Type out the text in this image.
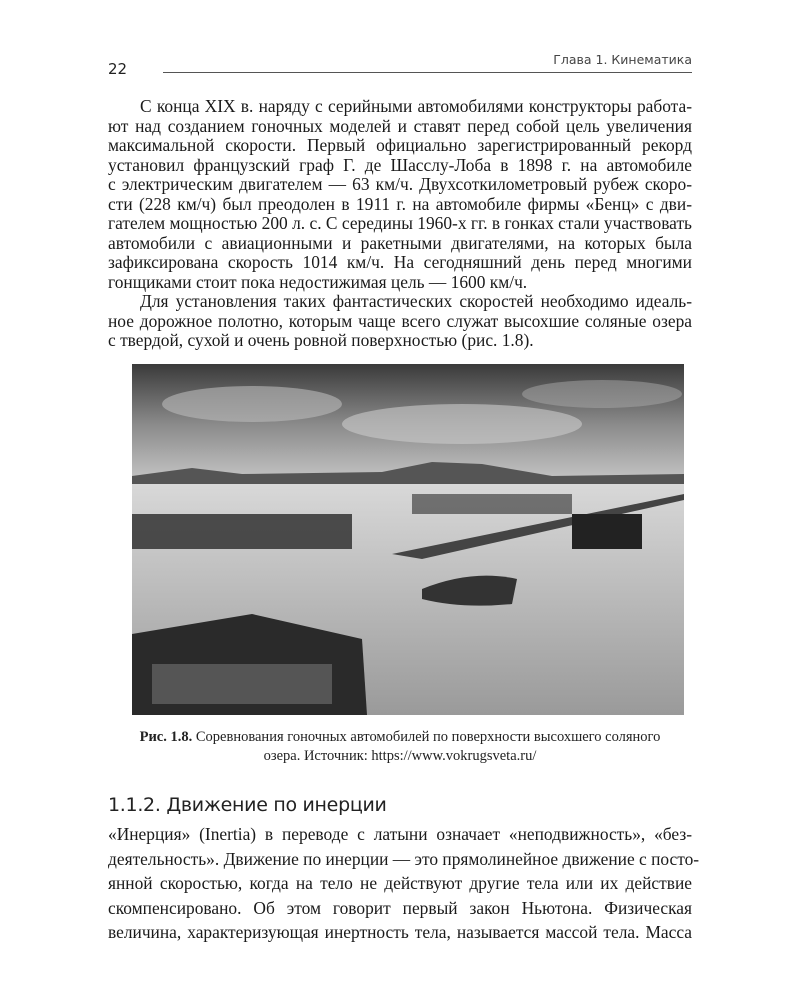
22
Глава 1. Кинематика
С конца XIX в. наряду с серийными автомобилями конструкторы работа-
ют над созданием гоночных моделей и ставят перед собой цель увеличения
максимальной скорости. Первый официально зарегистрированный рекорд
установил французский граф Г. де Шасслу-Лоба в 1898 г. на автомобиле
с электрическим двигателем — 63 км/ч. Двухсоткилометровый рубеж скоро-
сти (228 км/ч) был преодолен в 1911 г. на автомобиле фирмы «Бенц» с дви-
гателем мощностью 200 л. с. С середины 1960-х гг. в гонках стали участвовать
автомобили с авиационными и ракетными двигателями, на которых была
зафиксирована скорость 1014 км/ч. На сегодняшний день перед многими
гонщиками стоит пока недостижимая цель — 1600 км/ч.
Для установления таких фантастических скоростей необходимо идеаль-
ное дорожное полотно, которым чаще всего служат высохшие соляные озера
с твердой, сухой и очень ровной поверхностью (рис. 1.8).
Рис. 1.8. Соревнования гоночных автомобилей по поверхности высохшего соляного
озера. Источник: https://www.vokrugsveta.ru/
1.1.2. Движение по инерции
«Инерция» (Inertia) в переводе с латыни означает «неподвижность», «без-
деятельность». Движение по инерции — это прямолинейное движение с посто-
янной скоростью, когда на тело не действуют другие тела или их действие
скомпенсировано. Об этом говорит первый закон Ньютона. Физическая
величина, характеризующая инертность тела, называется массой тела. Масса
